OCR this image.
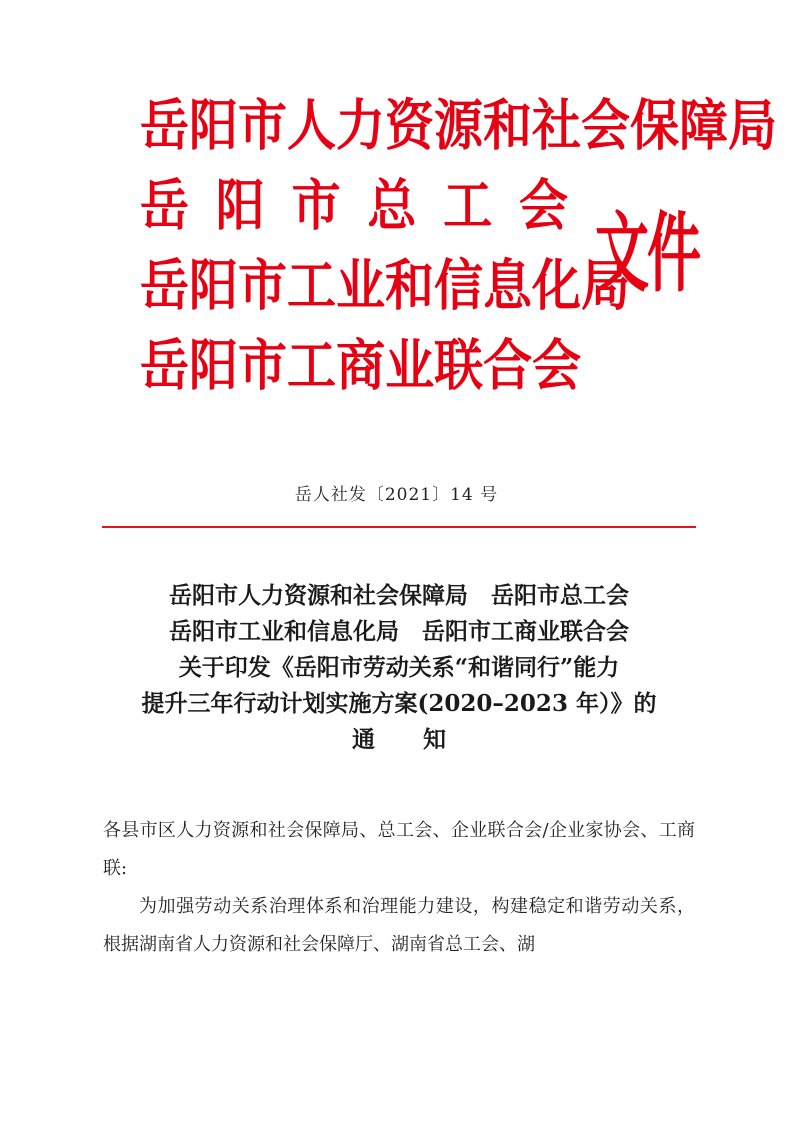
岳阳市人力资源和社会保障局
岳 阳 市 总 工 会
岳阳市工业和信息化局
岳 阳 市 工 商 业 联 合 会
文件
岳人社发〔2021〕14 号
岳阳市人力资源和社会保障局　岳阳市总工会
岳阳市工业和信息化局　岳阳市工商业联合会
关于印发《岳阳市劳动关系“和谐同行”能力
提升三年行动计划实施方案(2020–2023 年）》的
通知

各县市区人力资源和社会保障局、总工会、企业联合会/企业家协会、工商联:

为加强劳动关系治理体系和治理能力建设，构建稳定和谐劳动关系，根据湖南省人力资源和社会保障厅、湖南省总工会、湖
